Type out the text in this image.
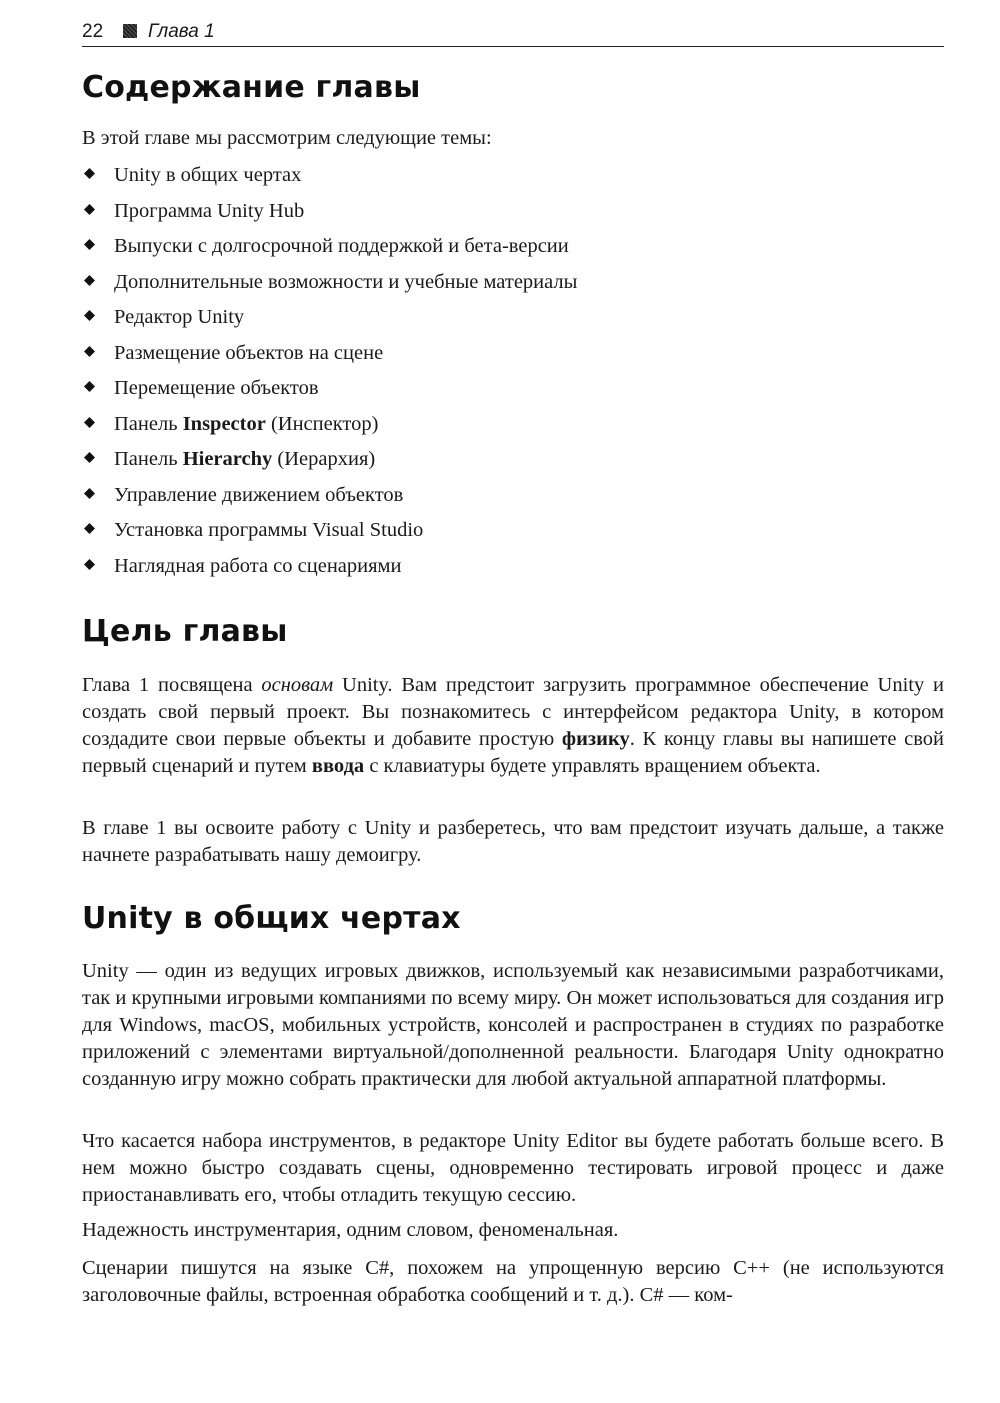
22 Глава 1
Содержание главы

В этой главе мы рассмотрим следующие темы:

Unity в общих чертах
Программа Unity Hub
Выпуски с долгосрочной поддержкой и бета-версии
Дополнительные возможности и учебные материалы
Редактор Unity
Размещение объектов на сцене
Перемещение объектов
Панель Inspector (Инспектор)
Панель Hierarchy (Иерархия)
Управление движением объектов
Установка программы Visual Studio
Наглядная работа со сценариями
Цель главы

Глава 1 посвящена основам Unity. Вам предстоит загрузить программное обеспечение Unity и создать свой первый проект. Вы познакомитесь с интерфейсом редактора Unity, в котором создадите свои первые объекты и добавите простую физику. К концу главы вы напишете свой первый сценарий и путем ввода с клавиатуры будете управлять вращением объекта.

В главе 1 вы освоите работу с Unity и разберетесь, что вам предстоит изучать дальше, а также начнете разрабатывать нашу демоигру.

Unity в общих чертах

Unity — один из ведущих игровых движков, используемый как независимыми разработчиками, так и крупными игровыми компаниями по всему миру. Он может использоваться для создания игр для Windows, macOS, мобильных устройств, консолей и распространен в студиях по разработке приложений с элементами виртуальной/дополненной реальности. Благодаря Unity однократно созданную игру можно собрать практически для любой актуальной аппаратной платформы.

Что касается набора инструментов, в редакторе Unity Editor вы будете работать больше всего. В нем можно быстро создавать сцены, одновременно тестировать игровой процесс и даже приостанавливать его, чтобы отладить текущую сессию.

Надежность инструментария, одним словом, феноменальная.

Сценарии пишутся на языке C#, похожем на упрощенную версию C++ (не используются заголовочные файлы, встроенная обработка сообщений и т. д.). C# — ком-
